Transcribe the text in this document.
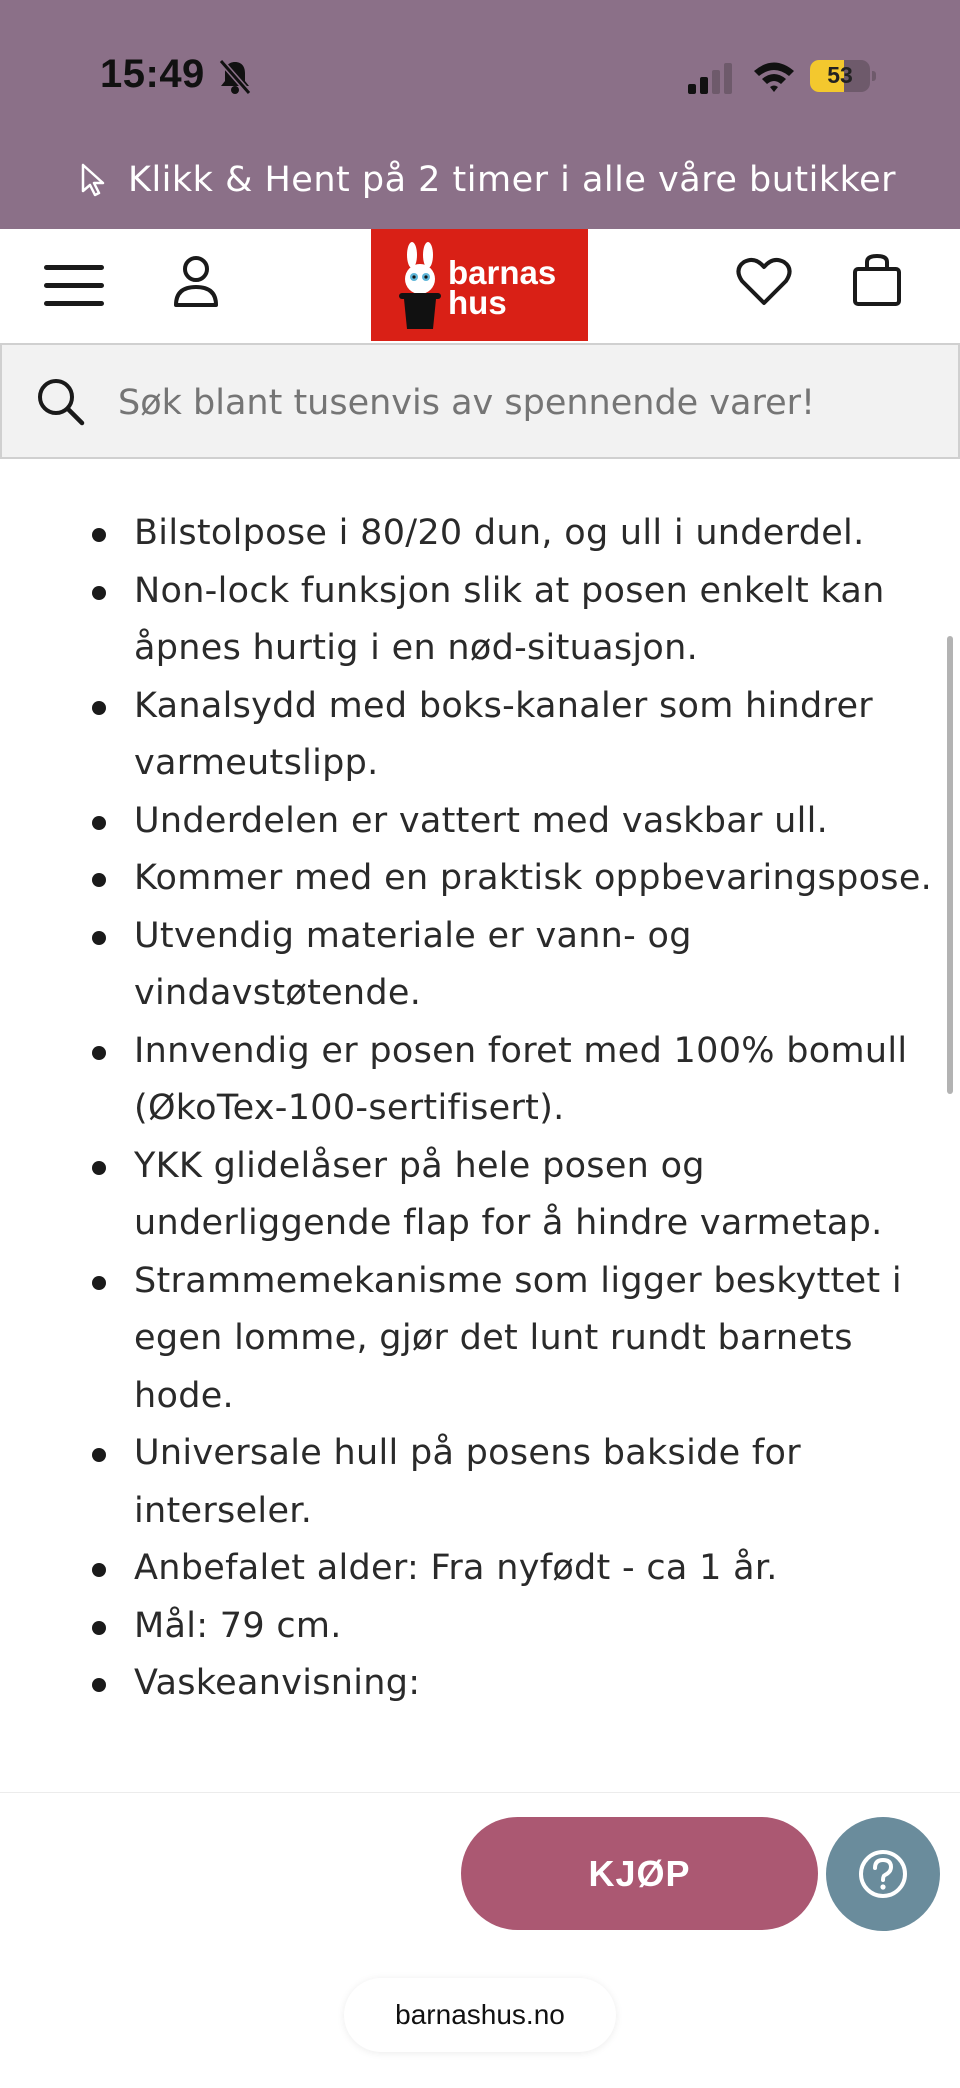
15:49	53
Klikk & Hent på 2 timer i alle våre butikker
barnas
hus
Søk blant tusenvis av spennende varer!
Bilstolpose i 80/20 dun, og ull i underdel.
Non-lock funksjon slik at posen enkelt kan åpnes hurtig i en nød-situasjon.
Kanalsydd med boks-kanaler som hindrer varmeutslipp.
Underdelen er vattert med vaskbar ull.
Kommer med en praktisk oppbevaringspose.
Utvendig materiale er vann- og vindavstøtende.
Innvendig er posen foret med 100% bomull (ØkoTex-100-sertifisert).
YKK glidelåser på hele posen og underliggende flap for å hindre varmetap.
Strammemekanisme som ligger beskyttet i egen lomme, gjør det lunt rundt barnets hode.
Universale hull på posens bakside for interseler.
Anbefalet alder: Fra nyfødt - ca 1 år.
Mål: 79 cm.
Vaskeanvisning:
KJØP
barnashus.no
